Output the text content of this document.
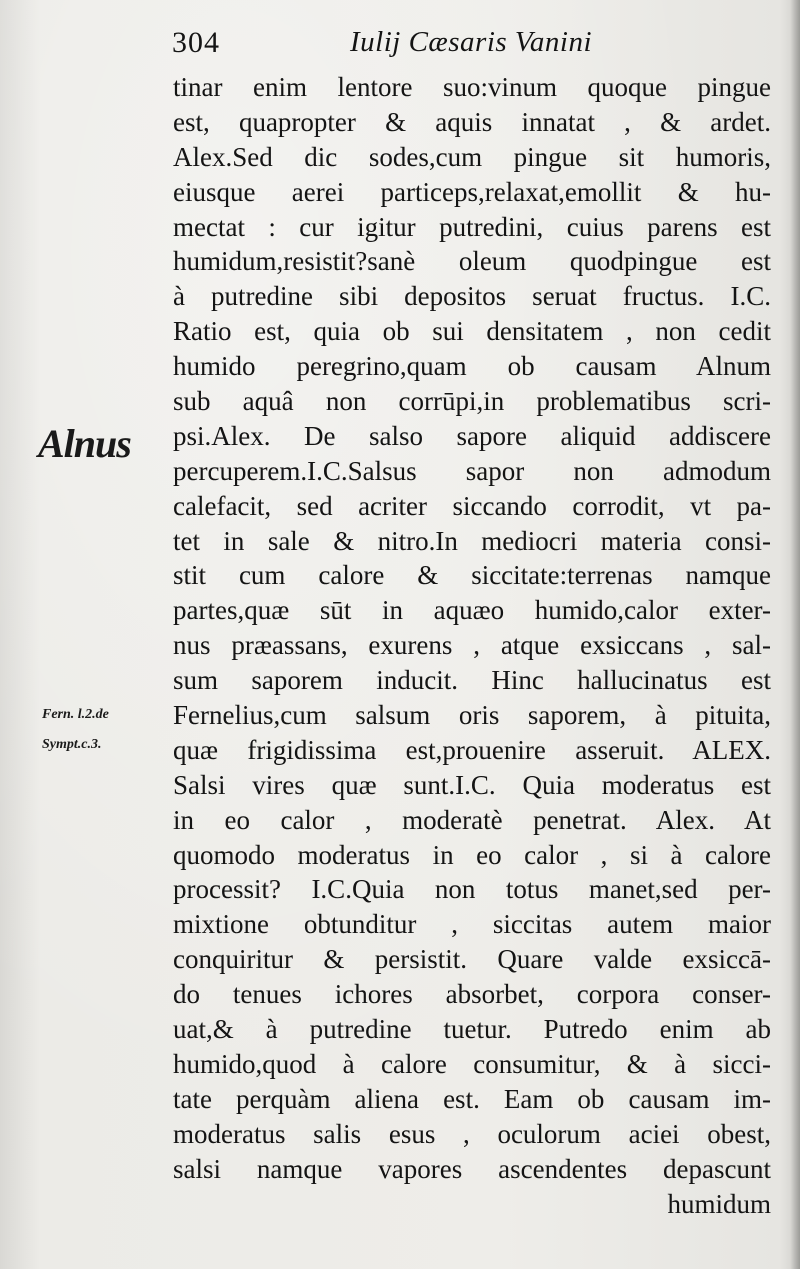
304	Iulij Cæsaris Vanini
tinar enim lentore suo:vinum quoque pingue
est, quapropter & aquis innatat , & ardet.
Alex.Sed dic sodes,cum pingue sit humoris,
eiusque aerei particeps,relaxat,emollit & hu-
mectat : cur igitur putredini, cuius parens est
humidum,resistit?sanè oleum quodpingue est
à putredine sibi depositos seruat fructus. I.C.
Ratio est, quia ob sui densitatem , non cedit
humido peregrino,quam ob causam Alnum
sub aquâ non corrūpi,in problematibus scri-
psi.Alex. De salso sapore aliquid addiscere
percuperem.I.C.Salsus sapor non admodum
calefacit, sed acriter siccando corrodit, vt pa-
tet in sale & nitro.In mediocri materia consi-
stit cum calore & siccitate:terrenas namque
partes,quæ sūt in aquæo humido,calor exter-
nus præassans, exurens , atque exsiccans , sal-
sum saporem inducit. Hinc hallucinatus est
Fernelius,cum salsum oris saporem, à pituita,
quæ frigidissima est,prouenire asseruit. ALEX.
Salsi vires quæ sunt.I.C. Quia moderatus est
in eo calor , moderatè penetrat. Alex. At
quomodo moderatus in eo calor , si à calore
processit? I.C.Quia non totus manet,sed per-
mixtione obtunditur , siccitas autem maior
conquiritur & persistit. Quare valde exsiccā-
do tenues ichores absorbet, corpora conser-
uat,& à putredine tuetur. Putredo enim ab
humido,quod à calore consumitur, & à sicci-
tate perquàm aliena est. Eam ob causam im-
moderatus salis esus , oculorum aciei obest,
salsi namque vapores ascendentes depascunt
humidum
Alnus
Fern. l.2.de
Sympt.c.3.
